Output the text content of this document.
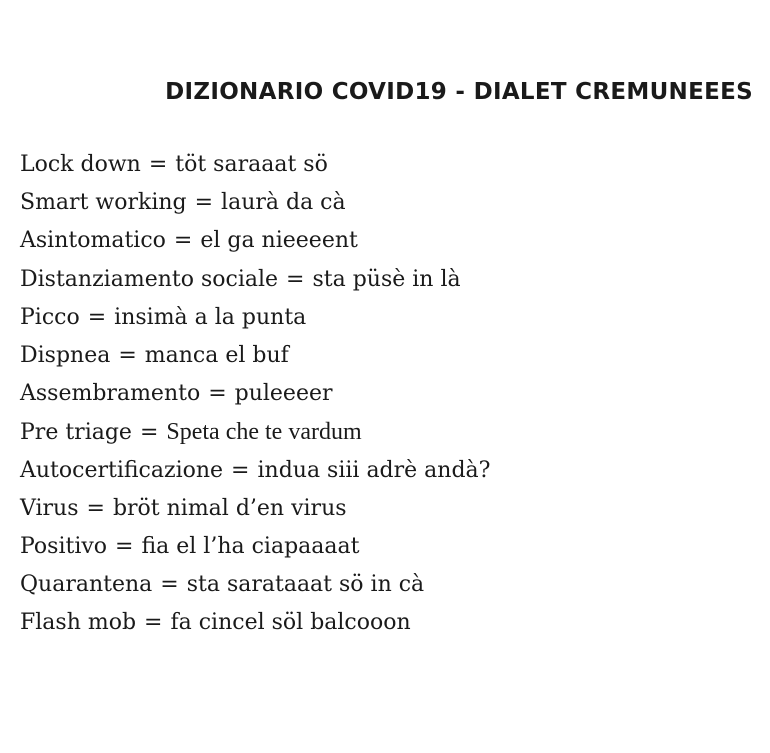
DIZIONARIO COVID19 - DIALET CREMUNEEES
Lock down = töt saraaat sö
Smart working = laurà da cà
Asintomatico = el ga nieeeent
Distanziamento sociale = sta püsè in là
Picco = insimà a la punta
Dispnea = manca el buf
Assembramento = puleeeer
Pre triage = Speta che te vardum
Autocertificazione = indua siii adrè andà?
Virus = bröt nimal d’en virus
Positivo = fia el l’ha ciapaaaat
Quarantena = sta sarataaat sö in cà
Flash mob = fa cincel söl balcooon
